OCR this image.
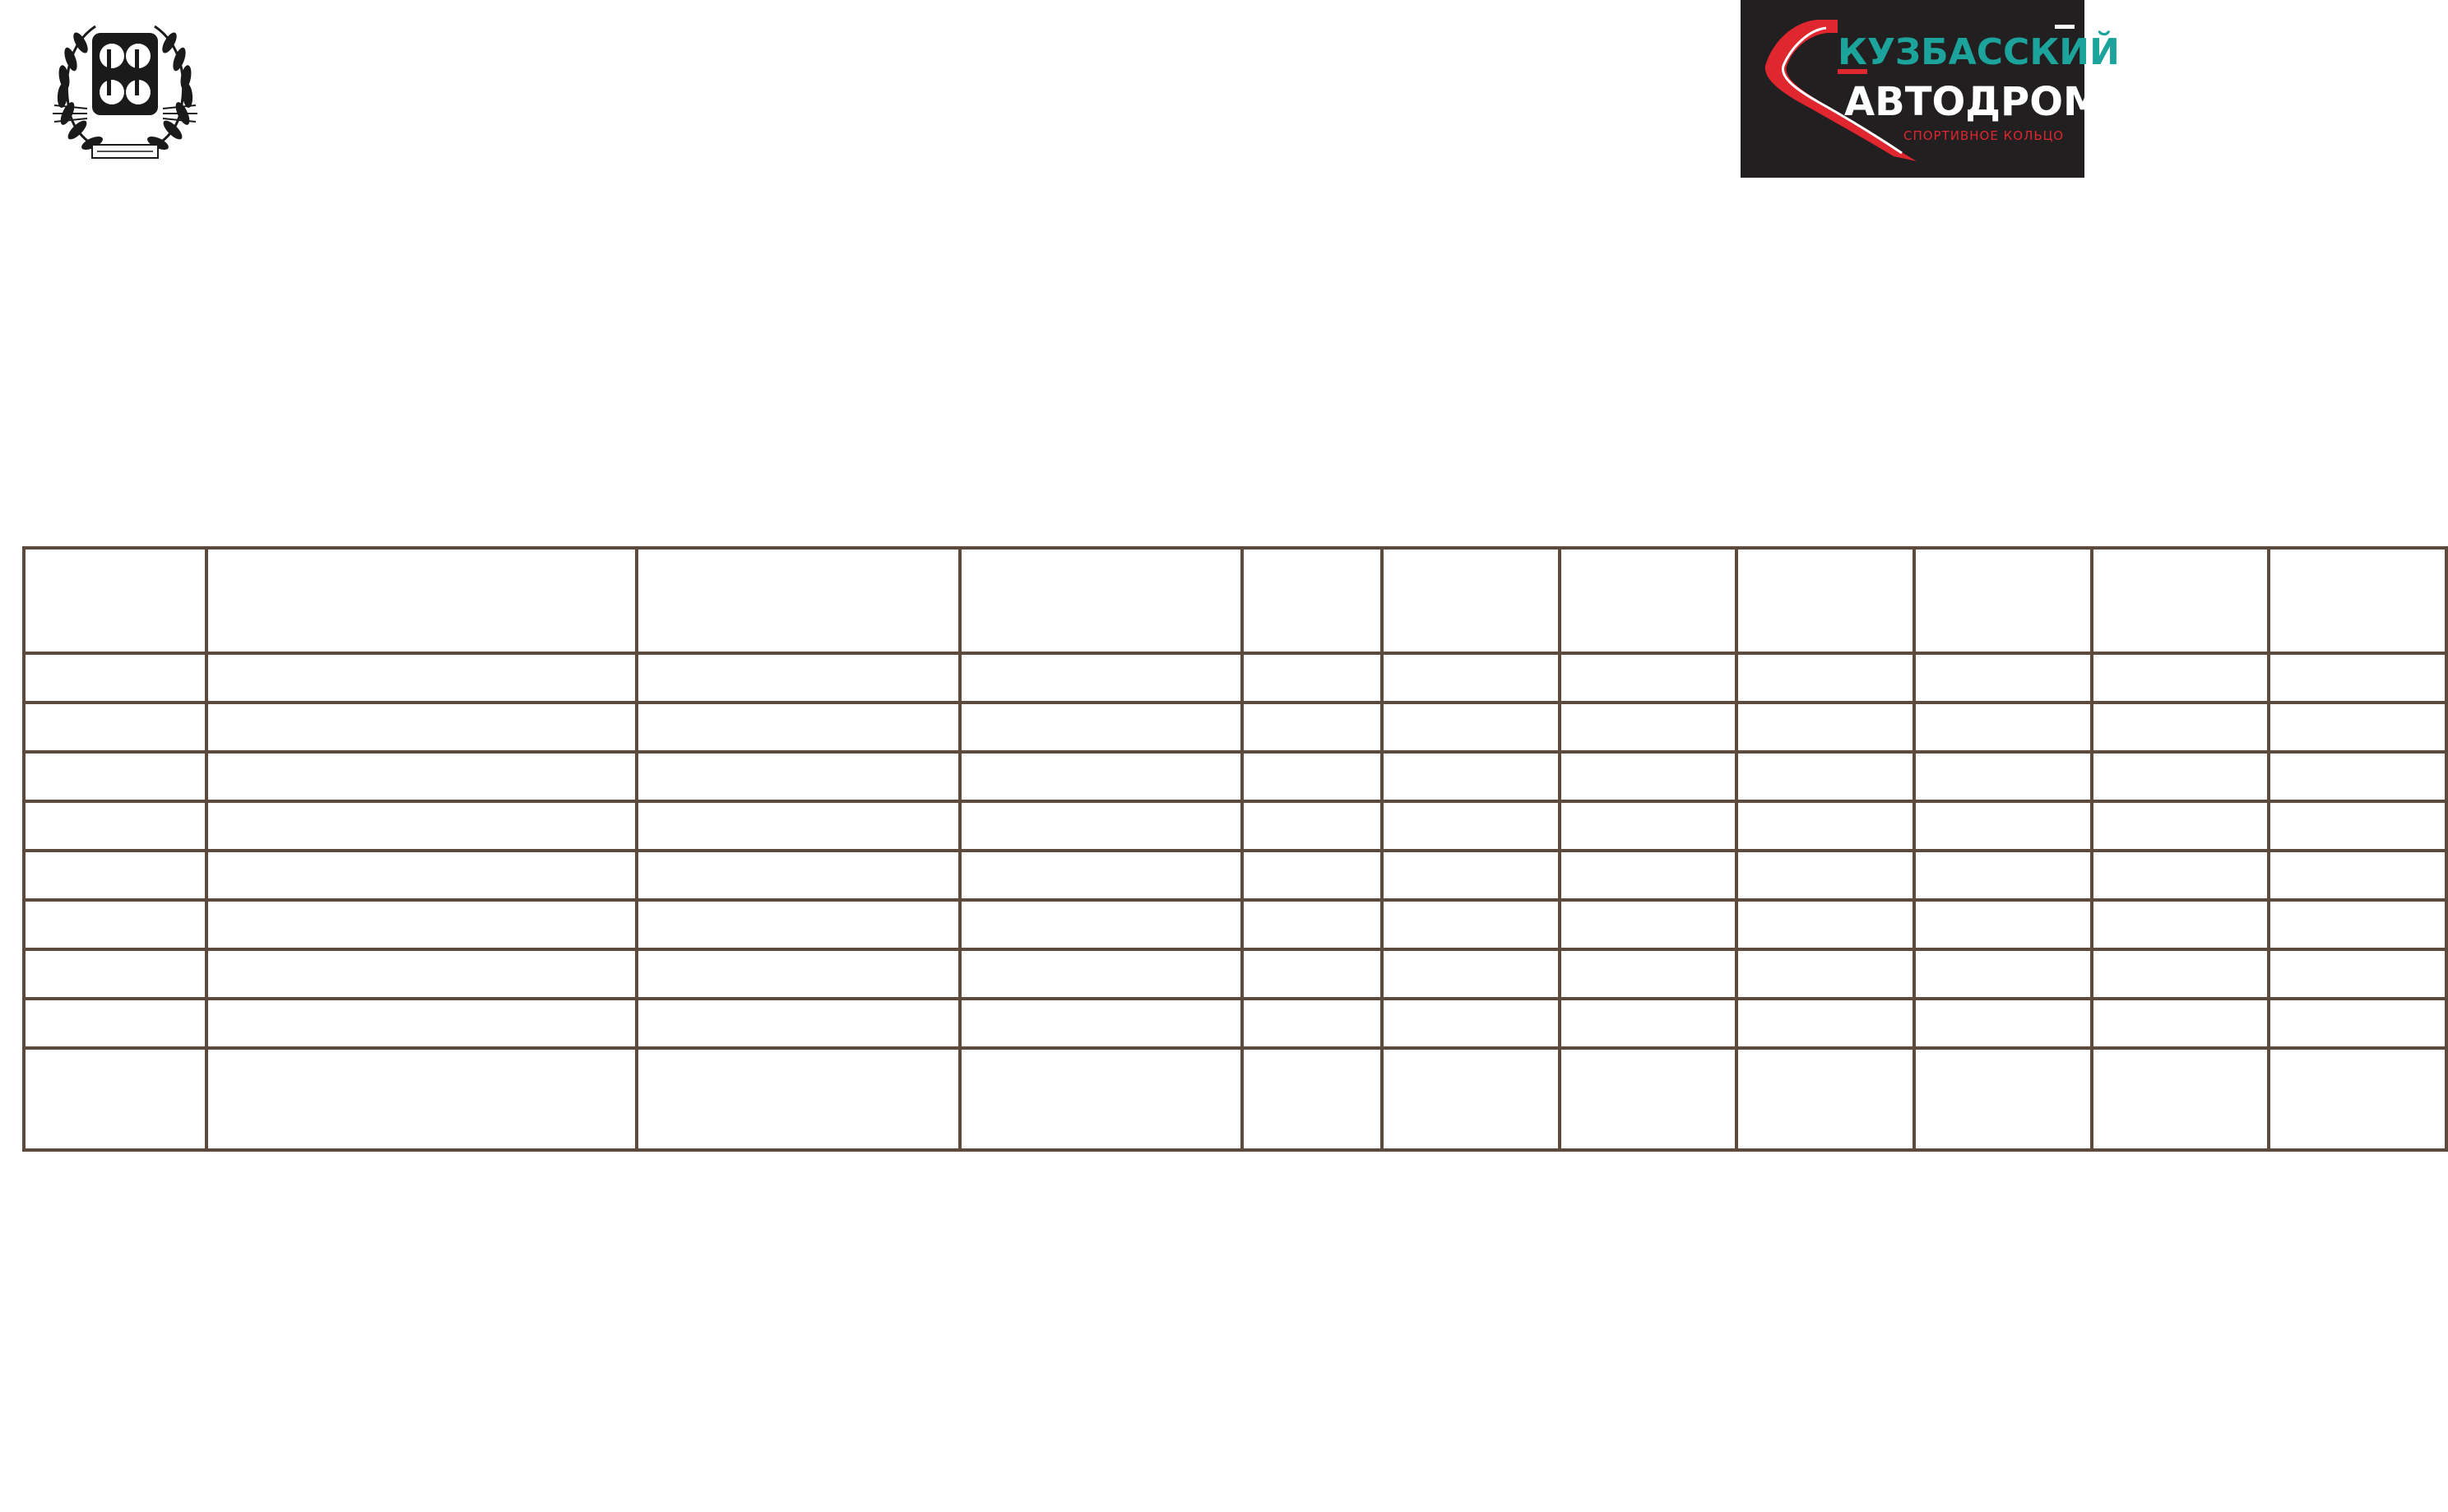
КУЗБАССКИЙ
АВТОДРОМ
СПОРТИВНОЕ КОЛЬЦО
